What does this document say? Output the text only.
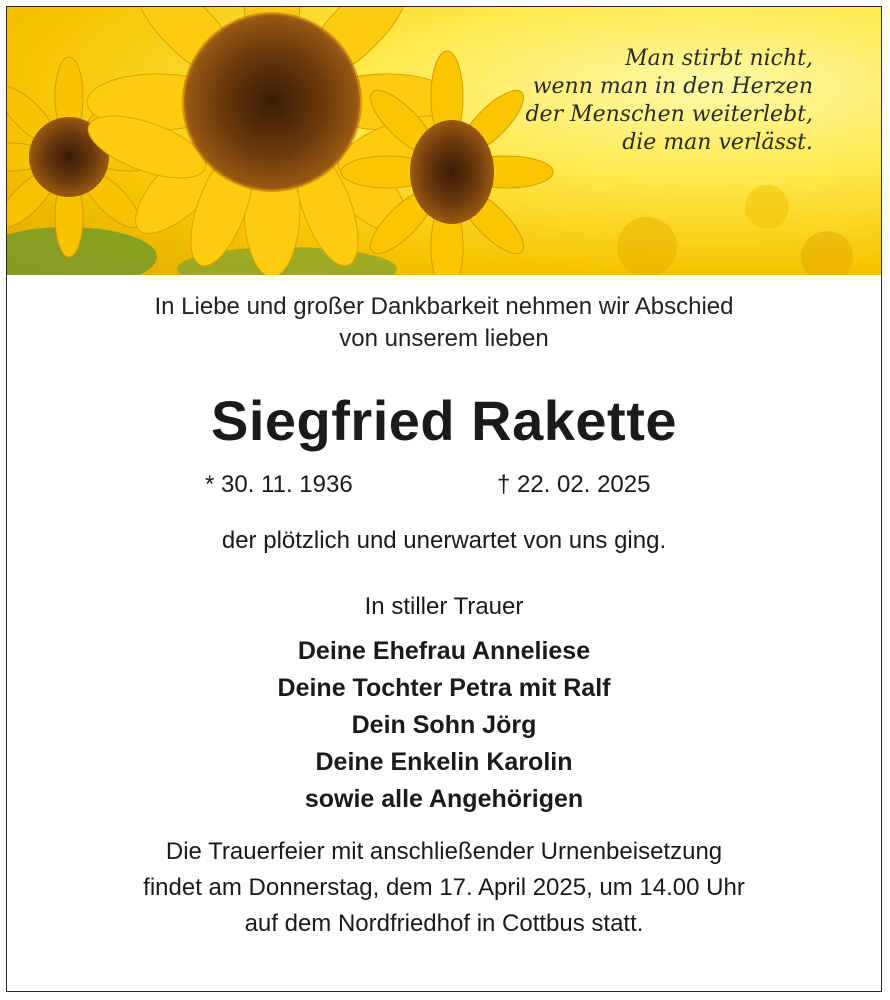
Man stirbt nicht,
wenn man in den Herzen
der Menschen weiterlebt,
die man verlässt.
In Liebe und großer Dankbarkeit nehmen wir Abschied
von unserem lieben
Siegfried Rakette
* 30. 11. 1936	† 22. 02. 2025
der plötzlich und unerwartet von uns ging.
In stiller Trauer
Deine Ehefrau Anneliese
Deine Tochter Petra mit Ralf
Dein Sohn Jörg
Deine Enkelin Karolin
sowie alle Angehörigen
Die Trauerfeier mit anschließender Urnenbeisetzung
findet am Donnerstag, dem 17. April 2025, um 14.00 Uhr
auf dem Nordfriedhof in Cottbus statt.
